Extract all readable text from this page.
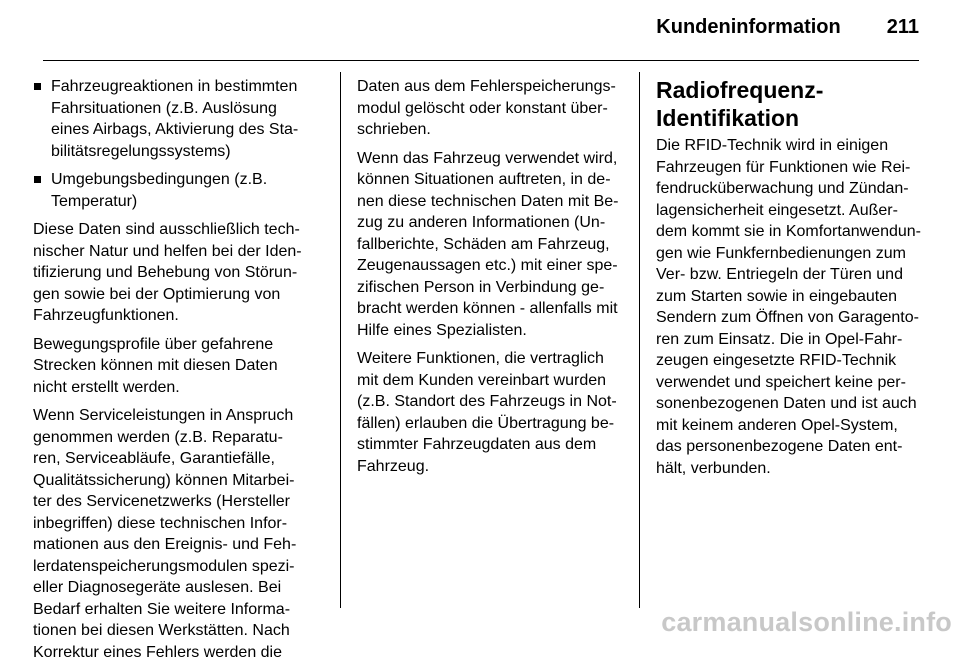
Kundeninformation 211
Fahrzeugreaktionen in bestimmten
Fahrsituationen (z.B. Auslösung
eines Airbags, Aktivierung des Sta-
bilitätsregelungssystems)
Umgebungsbedingungen (z.B.
Temperatur)

Diese Daten sind ausschließlich tech-
nischer Natur und helfen bei der Iden-
tifizierung und Behebung von Störun-
gen sowie bei der Optimierung von
Fahrzeugfunktionen.

Bewegungsprofile über gefahrene
Strecken können mit diesen Daten
nicht erstellt werden.

Wenn Serviceleistungen in Anspruch
genommen werden (z.B. Reparatu-
ren, Serviceabläufe, Garantiefälle,
Qualitätssicherung) können Mitarbei-
ter des Servicenetzwerks (Hersteller
inbegriffen) diese technischen Infor-
mationen aus den Ereignis- und Feh-
lerdatenspeicherungsmodulen spezi-
eller Diagnosegeräte auslesen. Bei
Bedarf erhalten Sie weitere Informa-
tionen bei diesen Werkstätten. Nach
Korrektur eines Fehlers werden die

Daten aus dem Fehlerspeicherungs-
modul gelöscht oder konstant über-
schrieben.

Wenn das Fahrzeug verwendet wird,
können Situationen auftreten, in de-
nen diese technischen Daten mit Be-
zug zu anderen Informationen (Un-
fallberichte, Schäden am Fahrzeug,
Zeugenaussagen etc.) mit einer spe-
zifischen Person in Verbindung ge-
bracht werden können - allenfalls mit
Hilfe eines Spezialisten.

Weitere Funktionen, die vertraglich
mit dem Kunden vereinbart wurden
(z.B. Standort des Fahrzeugs in Not-
fällen) erlauben die Übertragung be-
stimmter Fahrzeugdaten aus dem
Fahrzeug.

Radiofrequenz-
Identifikation

Die RFID-Technik wird in einigen
Fahrzeugen für Funktionen wie Rei-
fendrucküberwachung und Zündan-
lagensicherheit eingesetzt. Außer-
dem kommt sie in Komfortanwendun-
gen wie Funkfernbedienungen zum
Ver- bzw. Entriegeln der Türen und
zum Starten sowie in eingebauten
Sendern zum Öffnen von Garagento-
ren zum Einsatz. Die in Opel-Fahr-
zeugen eingesetzte RFID-Technik
verwendet und speichert keine per-
sonenbezogenen Daten und ist auch
mit keinem anderen Opel-System,
das personenbezogene Daten ent-
hält, verbunden.

carmanualsonline.info
